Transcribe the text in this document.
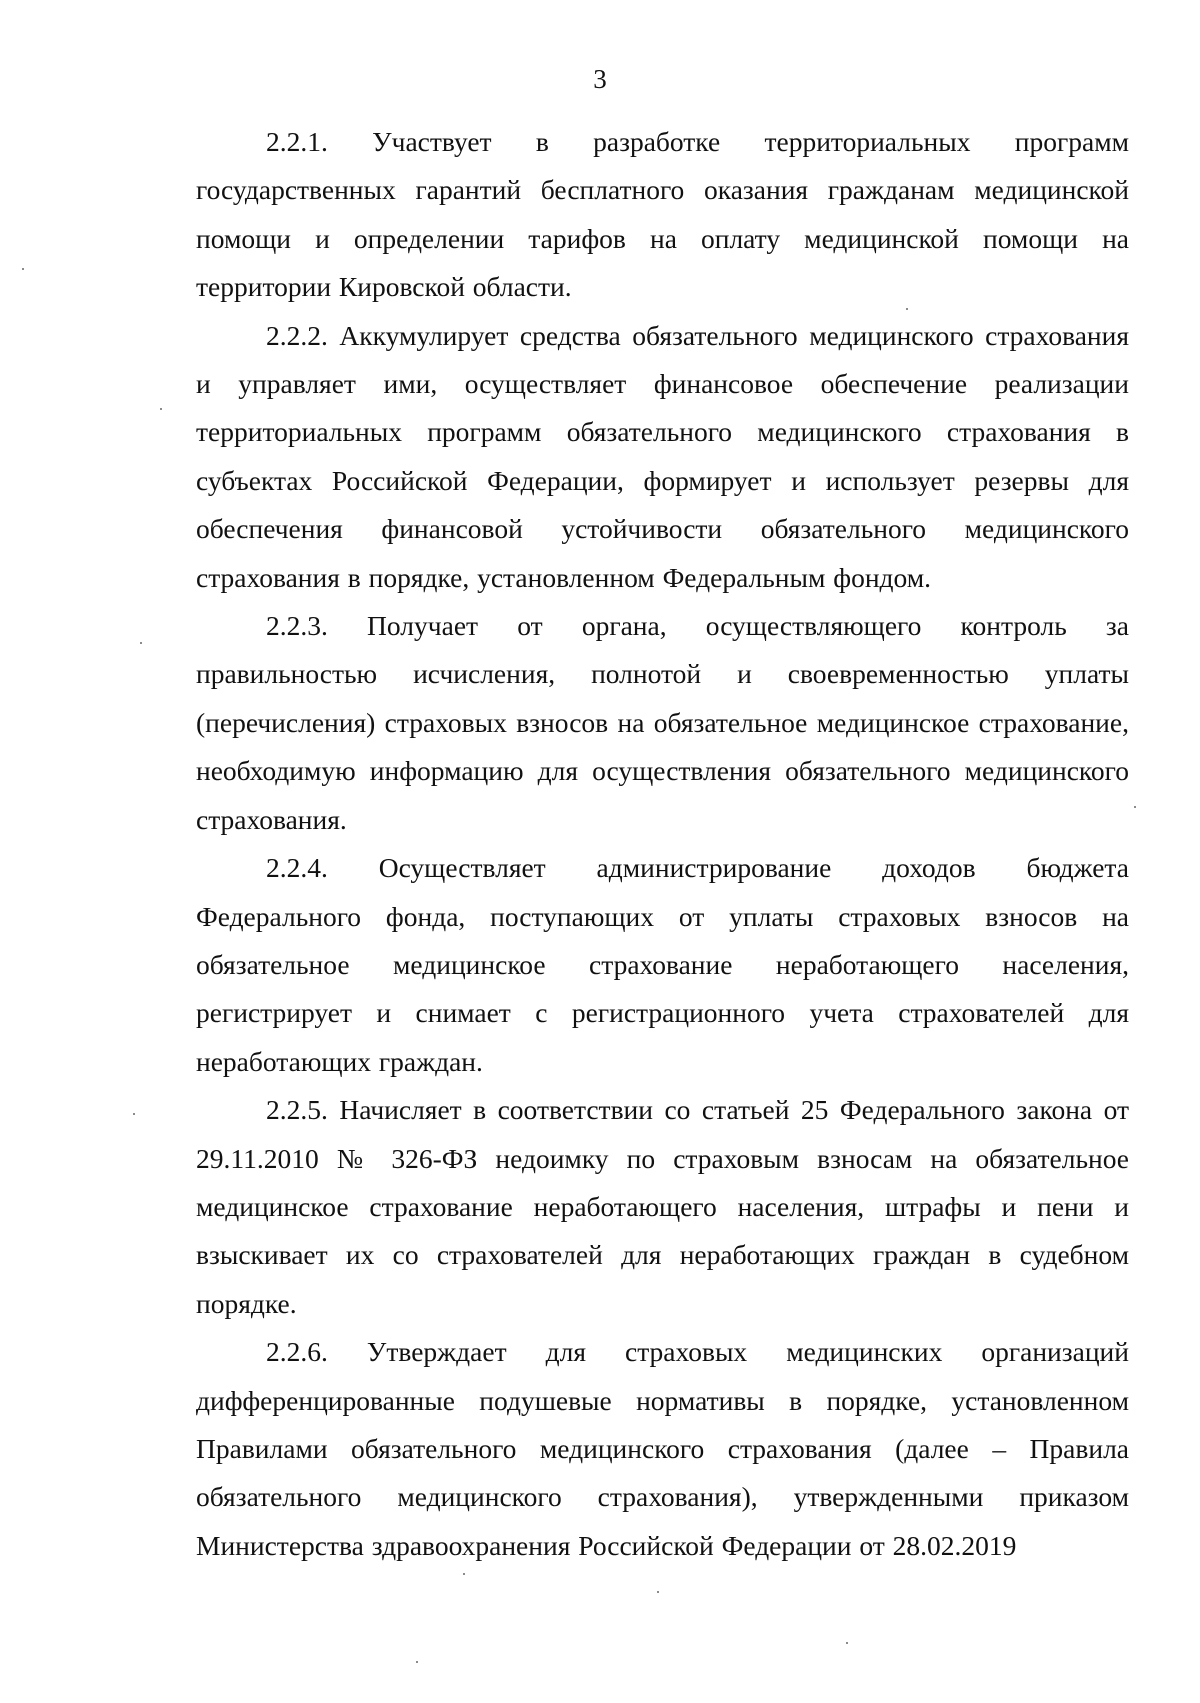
3

2.2.1. Участвует в разработке территориальных программ государственных гарантий бесплатного оказания гражданам медицинской помощи и определении тарифов на оплату медицинской помощи на территории Кировской области.

2.2.2. Аккумулирует средства обязательного медицинского страхования и управляет ими, осуществляет финансовое обеспечение реализации территориальных программ обязательного медицинского страхования в субъектах Российской Федерации, формирует и использует резервы для обеспечения финансовой устойчивости обязательного медицинского страхования в порядке, установленном Федеральным фондом.

2.2.3. Получает от органа, осуществляющего контроль за правильностью исчисления, полнотой и своевременностью уплаты (перечисления) страховых взносов на обязательное медицинское страхование, необходимую информацию для осуществления обязательного медицинского страхования.

2.2.4. Осуществляет администрирование доходов бюджета Федерального фонда, поступающих от уплаты страховых взносов на обязательное медицинское страхование неработающего населения, регистрирует и снимает с регистрационного учета страхователей для неработающих граждан.

2.2.5. Начисляет в соответствии со статьей 25 Федерального закона от 29.11.2010 № 326-ФЗ недоимку по страховым взносам на обязательное медицинское страхование неработающего населения, штрафы и пени и взыскивает их со страхователей для неработающих граждан в судебном порядке.

2.2.6. Утверждает для страховых медицинских организаций дифференцированные подушевые нормативы в порядке, установленном Правилами обязательного медицинского страхования (далее – Правила обязательного медицинского страхования), утвержденными приказом Министерства здравоохранения Российской Федерации от 28.02.2019
